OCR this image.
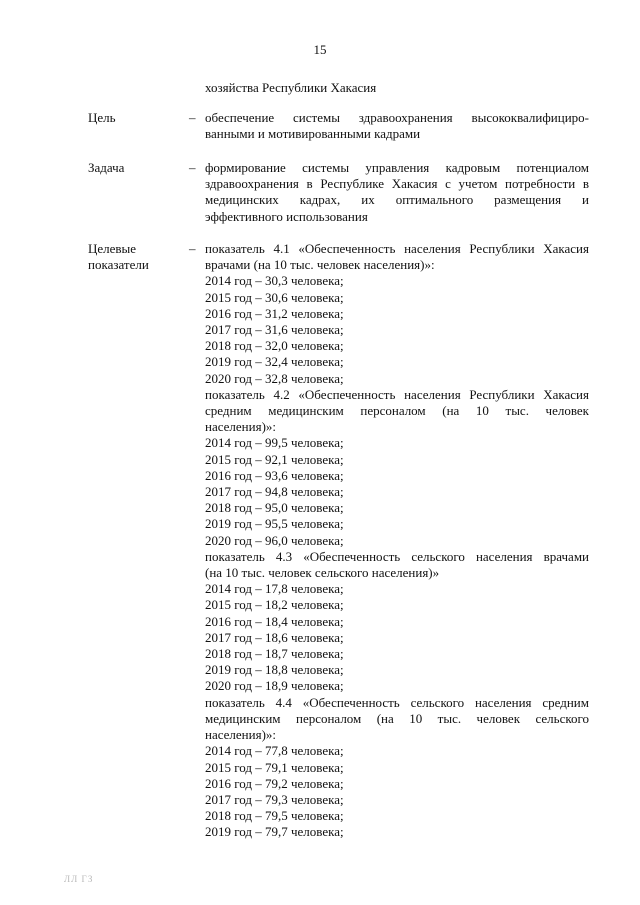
15
хозяйства Республики Хакасия
Цель	– обеспечение системы здравоохранения высококвалифициро-
ванными и мотивированными кадрами
Задача	– формирование системы управления кадровым потенциалом
здравоохранения в Республике Хакасия с учетом потребности в
медицинских кадрах, их оптимального размещения и
эффективного использования
Целевые
показатели
– показатель 4.1 «Обеспеченность населения Республики Хакасия
врачами (на 10 тыс. человек населения)»:
2014 год – 30,3 человека;
2015 год – 30,6 человека;
2016 год – 31,2 человека;
2017 год – 31,6 человека;
2018 год – 32,0 человека;
2019 год – 32,4 человека;
2020 год – 32,8 человека;
показатель 4.2 «Обеспеченность населения Республики Хакасия
средним медицинским персоналом (на 10 тыс. человек
населения)»:
2014 год – 99,5 человека;
2015 год – 92,1 человека;
2016 год – 93,6 человека;
2017 год – 94,8 человека;
2018 год – 95,0 человека;
2019 год – 95,5 человека;
2020 год – 96,0 человека;
показатель 4.3 «Обеспеченность сельского населения врачами
(на 10 тыс. человек сельского населения)»
2014 год – 17,8 человека;
2015 год – 18,2 человека;
2016 год – 18,4 человека;
2017 год – 18,6 человека;
2018 год – 18,7 человека;
2019 год – 18,8 человека;
2020 год – 18,9 человека;
показатель 4.4 «Обеспеченность сельского населения средним
медицинским персоналом (на 10 тыс. человек сельского
населения)»:
2014 год – 77,8 человека;
2015 год – 79,1 человека;
2016 год – 79,2 человека;
2017 год – 79,3 человека;
2018 год – 79,5 человека;
2019 год – 79,7 человека;
ЛЛ ГЗ
